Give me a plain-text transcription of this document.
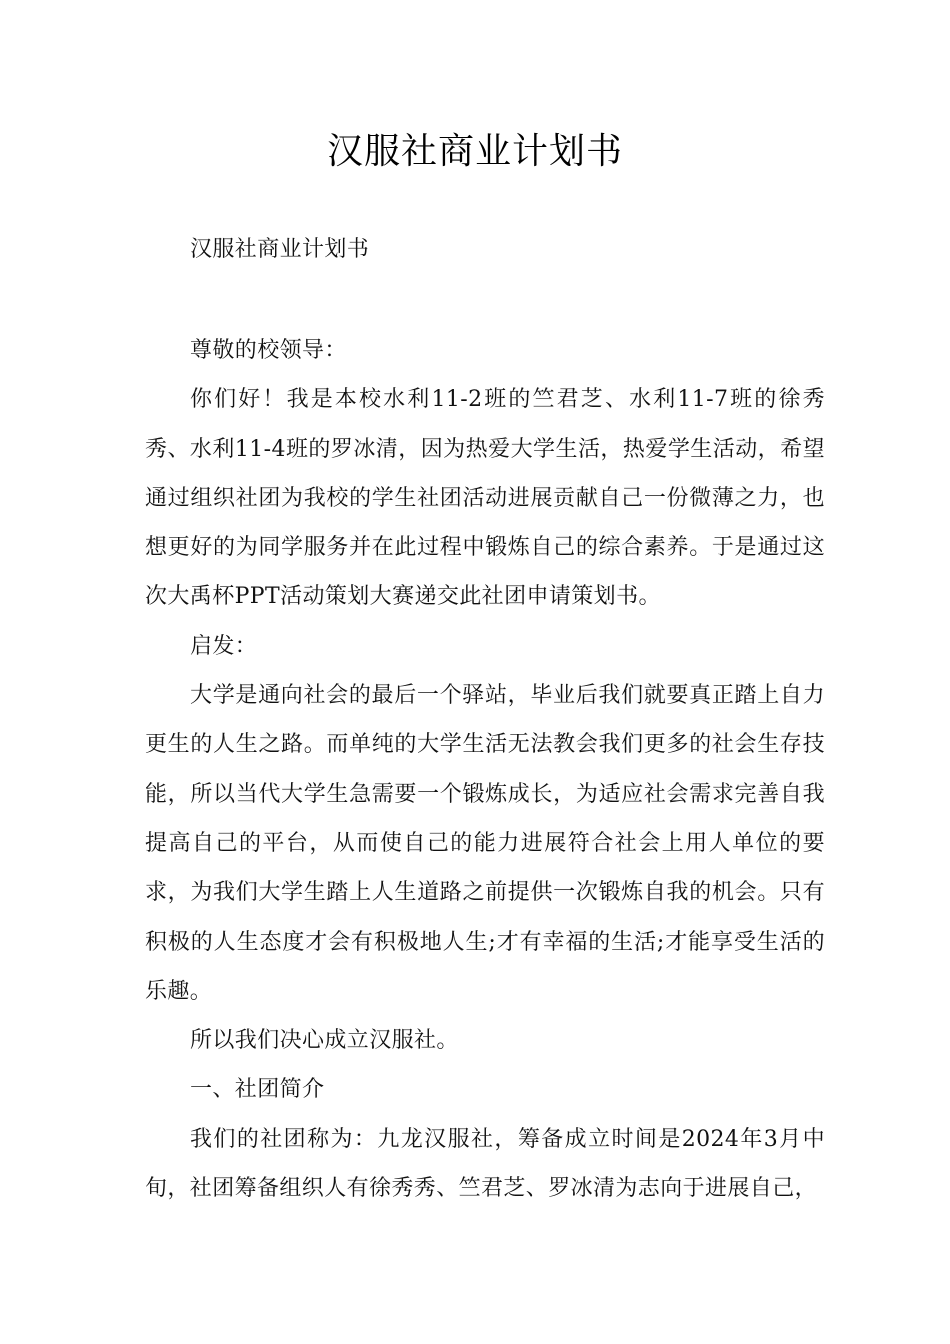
汉服社商业计划书

汉服社商业计划书

尊敬的校领导：

你们好！我是本校水利11-2班的竺君芝、水利11-7班的徐秀秀、水利11-4班的罗冰清，因为热爱大学生活，热爱学生活动，希望通过组织社团为我校的学生社团活动进展贡献自己一份微薄之力，也想更好的为同学服务并在此过程中锻炼自己的综合素养。于是通过这次大禹杯PPT活动策划大赛递交此社团申请策划书。

启发：

大学是通向社会的最后一个驿站，毕业后我们就要真正踏上自力更生的人生之路。而单纯的大学生活无法教会我们更多的社会生存技能，所以当代大学生急需要一个锻炼成长，为适应社会需求完善自我提高自己的平台，从而使自己的能力进展符合社会上用人单位的要求，为我们大学生踏上人生道路之前提供一次锻炼自我的机会。只有积极的人生态度才会有积极地人生;才有幸福的生活;才能享受生活的乐趣。

所以我们决心成立汉服社。

一、社团简介

我们的社团称为：九龙汉服社，筹备成立时间是2024年3月中旬，社团筹备组织人有徐秀秀、竺君芝、罗冰清为志向于进展自己，
